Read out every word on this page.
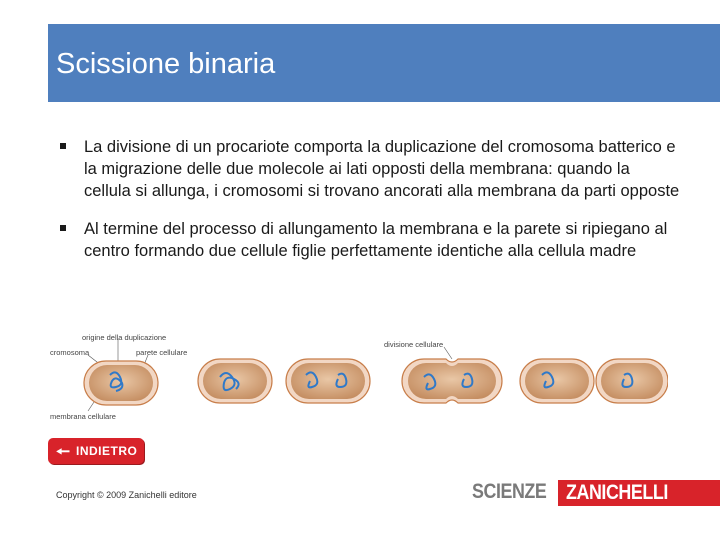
Scissione binaria
La divisione di un procariote comporta la duplicazione del cromosoma batterico e la migrazione delle due molecole ai lati opposti della membrana: quando la cellula si allunga, i cromosomi si trovano ancorati alla membrana da parti opposte
Al termine del processo di allungamento la membrana e la parete si ripiegano al centro formando due cellule figlie perfettamente identiche alla cellula madre
origine della duplicazione
cromosoma	parete cellulare
membrana cellulare
divisione cellulare
🠔 INDIETRO
Copyright © 2009 Zanichelli editore	SCIENZE ZANICHELLI
